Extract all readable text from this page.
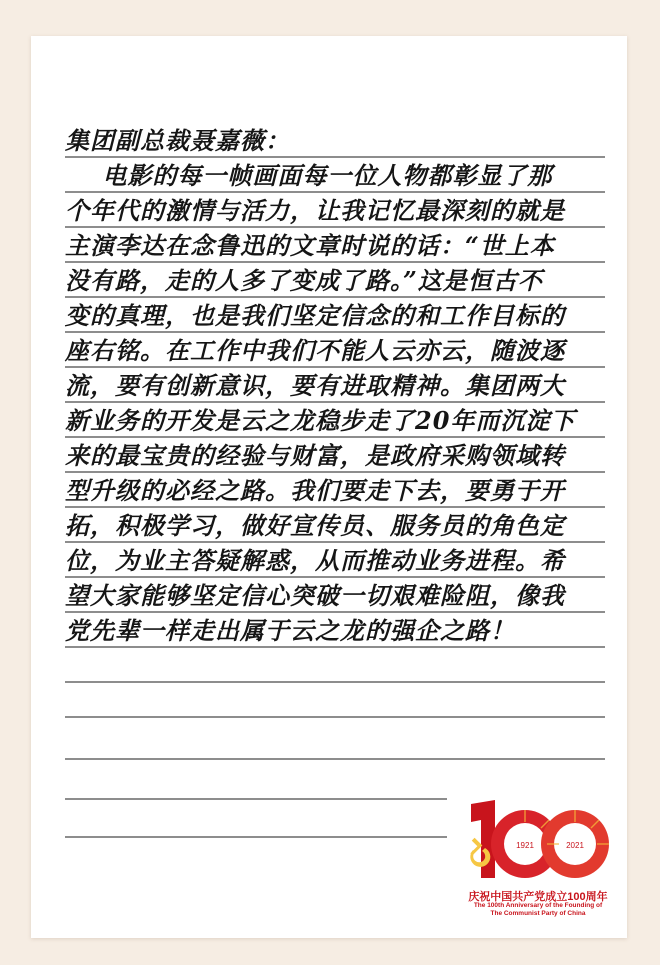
集团副总裁聂嘉薇：
电影的每一帧画面每一位人物都彰显了那
个年代的激情与活力，让我记忆最深刻的就是
主演李达在念鲁迅的文章时说的话：“世上本
没有路，走的人多了变成了路。”这是恒古不
变的真理，也是我们坚定信念的和工作目标的
座右铭。在工作中我们不能人云亦云，随波逐
流，要有创新意识，要有进取精神。集团两大
新业务的开发是云之龙稳步走了20年而沉淀下
来的最宝贵的经验与财富，是政府采购领域转
型升级的必经之路。我们要走下去，要勇于开
拓，积极学习，做好宣传员、服务员的角色定
位，为业主答疑解惑，从而推动业务进程。希
望大家能够坚定信心突破一切艰难险阻，像我
党先辈一样走出属于云之龙的强企之路！
1921	2021
庆祝中国共产党成立100周年
The 100th Anniversary of the Founding of
The Communist Party of China
